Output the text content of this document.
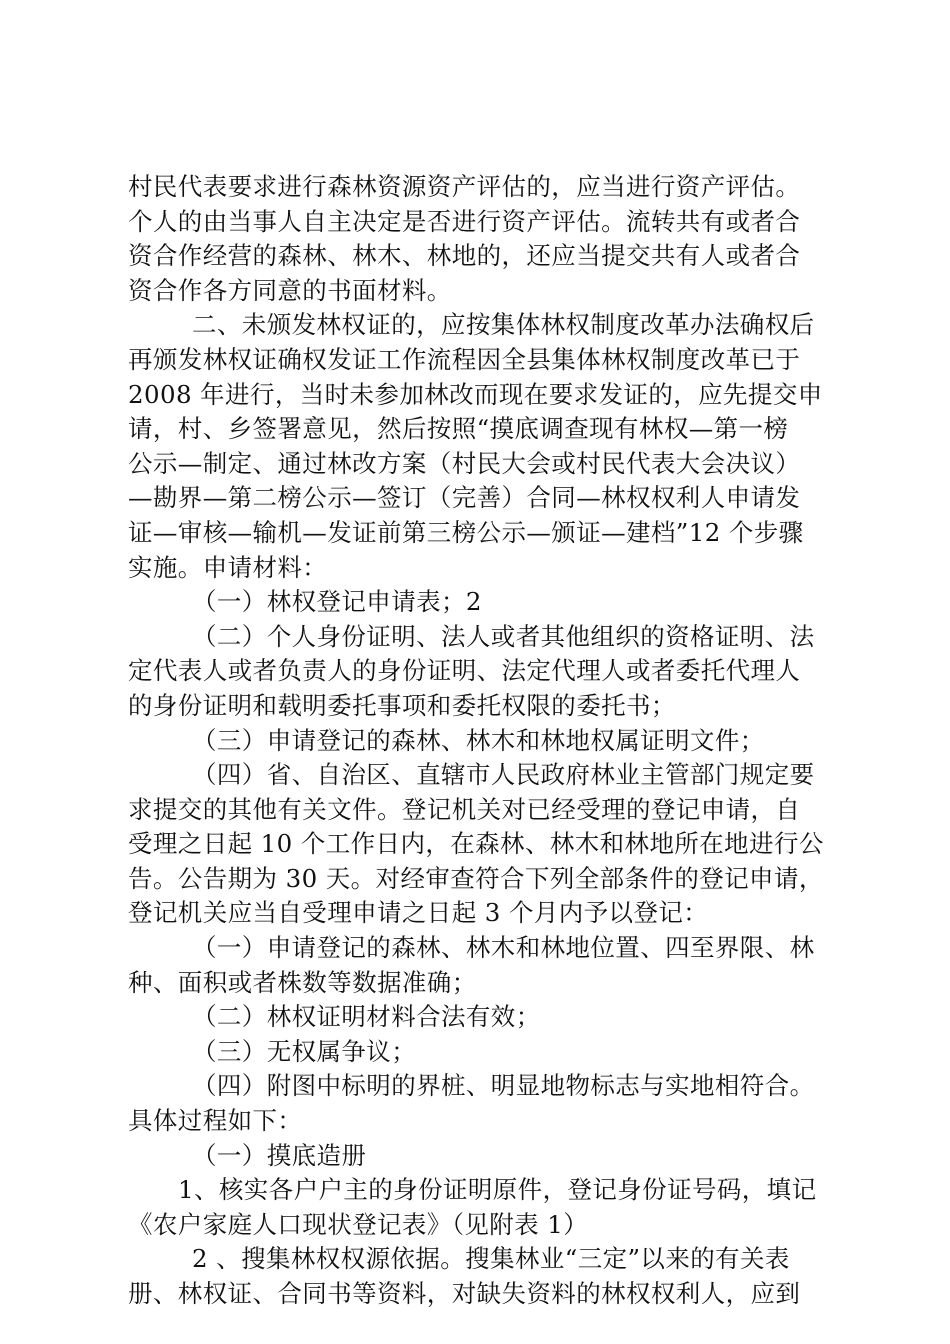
村民代表要求进行森林资源资产评估的，应当进行资产评估。
个人的由当事人自主决定是否进行资产评估。流转共有或者合
资合作经营的森林、林木、林地的，还应当提交共有人或者合
资合作各方同意的书面材料。
二、未颁发林权证的，应按集体林权制度改革办法确权后
再颁发林权证确权发证工作流程因全县集体林权制度改革已于
2008 年进行，当时未参加林改而现在要求发证的，应先提交申
请，村、乡签署意见，然后按照“摸底调查现有林权—第一榜
公示—制定、通过林改方案（村民大会或村民代表大会决议）
—勘界—第二榜公示—签订（完善）合同—林权权利人申请发
证—审核—输机—发证前第三榜公示—颁证—建档”12 个步骤
实施。申请材料：
（一）林权登记申请表；2
（二）个人身份证明、法人或者其他组织的资格证明、法
定代表人或者负责人的身份证明、法定代理人或者委托代理人
的身份证明和载明委托事项和委托权限的委托书；
（三）申请登记的森林、林木和林地权属证明文件；
（四）省、自治区、直辖市人民政府林业主管部门规定要
求提交的其他有关文件。登记机关对已经受理的登记申请，自
受理之日起 10 个工作日内，在森林、林木和林地所在地进行公
告。公告期为 30 天。对经审查符合下列全部条件的登记申请，
登记机关应当自受理申请之日起 3 个月内予以登记：
（一）申请登记的森林、林木和林地位置、四至界限、林
种、面积或者株数等数据准确；
（二）林权证明材料合法有效；
（三）无权属争议；
（四）附图中标明的界桩、明显地物标志与实地相符合。
具体过程如下：
（一）摸底造册
1、核实各户户主的身份证明原件，登记身份证号码，填记
《农户家庭人口现状登记表》（见附表 1）
2 、搜集林权权源依据。搜集林业“三定”以来的有关表
册、林权证、合同书等资料，对缺失资料的林权权利人，应到
